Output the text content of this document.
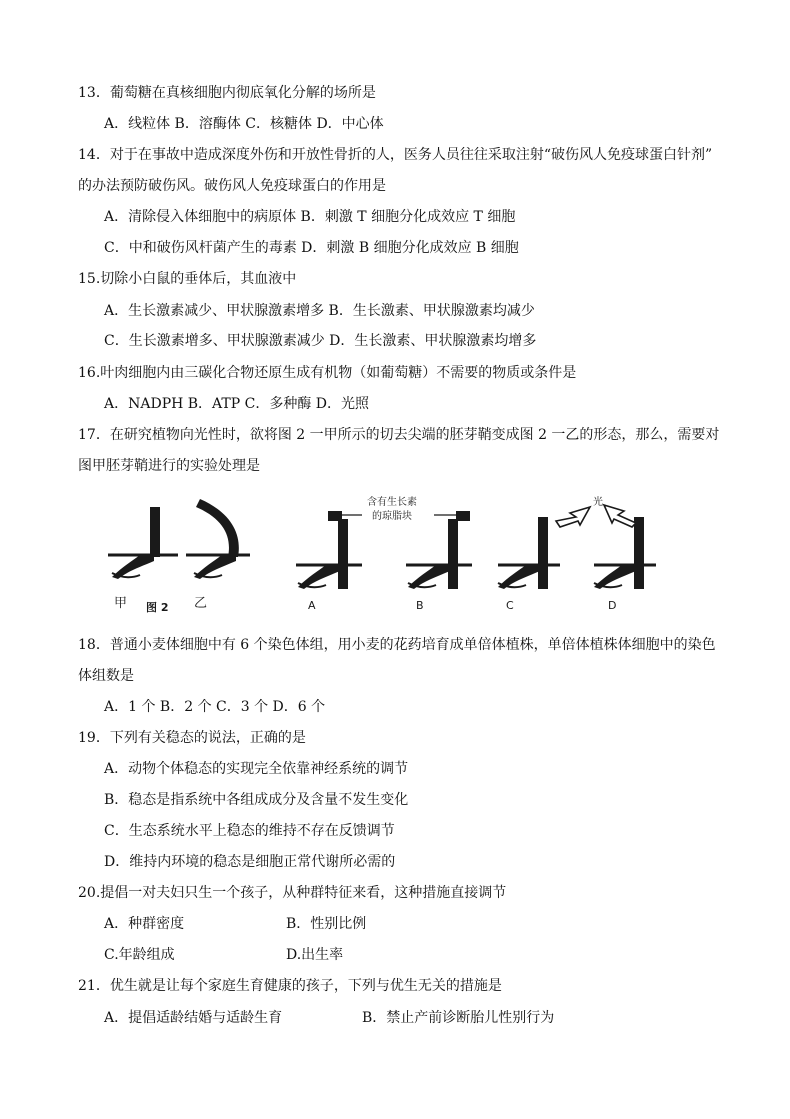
13．葡萄糖在真核细胞内彻底氧化分解的场所是
A．线粒体 B．溶酶体 C．核糖体 D．中心体
14．对于在事故中造成深度外伤和开放性骨折的人，医务人员往往采取注射“破伤风人免疫球蛋白针剂”
的办法预防破伤风。破伤风人免疫球蛋白的作用是
A．清除侵入体细胞中的病原体 B．刺激 T 细胞分化成效应 T 细胞
C．中和破伤风杆菌产生的毒素 D．刺激 B 细胞分化成效应 B 细胞
15.切除小白鼠的垂体后，其血液中
A．生长激素减少、甲状腺激素增多 B．生长激素、甲状腺激素均减少
C．生长激素增多、甲状腺激素减少 D．生长激素、甲状腺激素均增多
16.叶肉细胞内由三碳化合物还原生成有机物（如葡萄糖）不需要的物质或条件是
A．NADPH B．ATP C．多种酶 D．光照
17．在研究植物向光性时，欲将图 2 一甲所示的切去尖端的胚芽鞘变成图 2 一乙的形态，那么，需要对
图甲胚芽鞘进行的实验处理是
含有生长素
的琼脂块
光
甲 图 2 乙	A	B	C	D
18．普通小麦体细胞中有 6 个染色体组，用小麦的花药培育成单倍体植株，单倍体植株体细胞中的染色
体组数是
A．1 个 B．2 个 C．3 个 D．6 个
19．下列有关稳态的说法，正确的是
A．动物个体稳态的实现完全依靠神经系统的调节
B．稳态是指系统中各组成成分及含量不发生变化
C．生态系统水平上稳态的维持不存在反馈调节
D．维持内环境的稳态是细胞正常代谢所必需的
20.提倡一对夫妇只生一个孩子，从种群特征来看，这种措施直接调节
A．种群密度	B．性别比例
C.年龄组成	D.出生率
21．优生就是让每个家庭生育健康的孩子，下列与优生无关的措施是
A．提倡适龄结婚与适龄生育	B．禁止产前诊断胎儿性别行为
